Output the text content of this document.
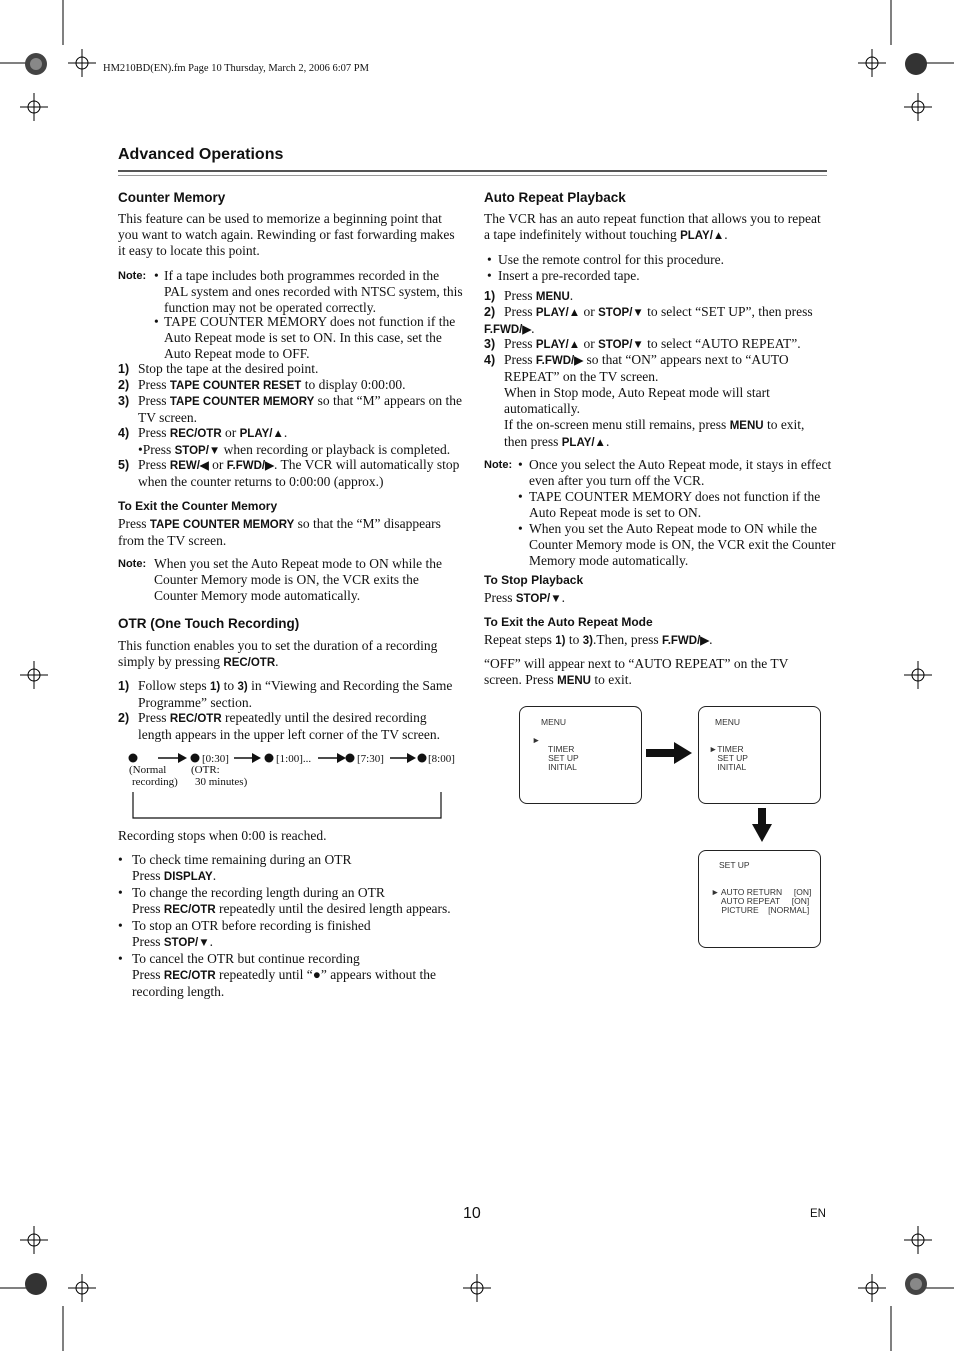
HM210BD(EN).fm Page 10 Thursday, March 2, 2006 6:07 PM
Advanced Operations
Counter Memory
This feature can be used to memorize a beginning point that you want to watch again. Rewinding or fast forwarding makes it easy to locate this point.
Note: • If a tape includes both programmes recorded in the PAL system and ones recorded with NTSC system, this function may not be operated correctly.
• TAPE COUNTER MEMORY does not function if the Auto Repeat mode is set to ON. In this case, set the Auto Repeat mode to OFF.
1) Stop the tape at the desired point.
2) Press TAPE COUNTER RESET to display 0:00:00.
3) Press TAPE COUNTER MEMORY so that “M” appears on the TV screen.
4) Press REC/OTR or PLAY/▲.
•Press STOP/▼ when recording or playback is completed.
5) Press REW/◀ or F.FWD/▶. The VCR will automatically stop when the counter returns to 0:00:00 (approx.)
To Exit the Counter Memory
Press TAPE COUNTER MEMORY so that the “M” disappears from the TV screen.
Note: When you set the Auto Repeat mode to ON while the Counter Memory mode is ON, the VCR exits the Counter Memory mode automatically.
OTR (One Touch Recording)
This function enables you to set the duration of a recording simply by pressing REC/OTR.
1) Follow steps 1) to 3) in “Viewing and Recording the Same Programme” section.
2) Press REC/OTR repeatedly until the desired recording length appears in the upper left corner of the TV screen.
[0:30]	[1:00]...	[7:30]	[8:00]
(Normal
recording)
(OTR:
30 minutes)
Recording stops when 0:00 is reached.
• To check time remaining during an OTR
Press DISPLAY.
• To change the recording length during an OTR
Press REC/OTR repeatedly until the desired length appears.
• To stop an OTR before recording is finished
Press STOP/▼.
• To cancel the OTR but continue recording
Press REC/OTR repeatedly until “●” appears without the recording length.
Auto Repeat Playback
The VCR has an auto repeat function that allows you to repeat a tape indefinitely without touching PLAY/▲.
• Use the remote control for this procedure.
• Insert a pre-recorded tape.
1) Press MENU.
2) Press PLAY/▲ or STOP/▼ to select “SET UP”, then press
F.FWD/▶.
3) Press PLAY/▲ or STOP/▼ to select “AUTO REPEAT”.
4) Press F.FWD/▶ so that “ON” appears next to “AUTO REPEAT” on the TV screen.
When in Stop mode, Auto Repeat mode will start automatically.
If the on-screen menu still remains, press MENU to exit, then press PLAY/▲.
Note: • Once you select the Auto Repeat mode, it stays in effect even after you turn off the VCR.
• TAPE COUNTER MEMORY does not function if the Auto Repeat mode is set to ON.
• When you set the Auto Repeat mode to ON while the Counter Memory mode is ON, the VCR exit the Counter Memory mode automatically.
To Stop Playback
Press STOP/▼.
To Exit the Auto Repeat Mode
Repeat steps 1) to 3).Then, press F.FWD/▶.
“OFF” will appear next to “AUTO REPEAT” on the TV screen. Press MENU to exit.
MENU

TIMER
SET UP
INITIAL
►
MENU

TIMER
SET UP
INITIAL
►
SET UP

AUTO RETURN     [ON]
AUTO REPEAT     [ON]
PICTURE    [NORMAL]
►
10	EN
